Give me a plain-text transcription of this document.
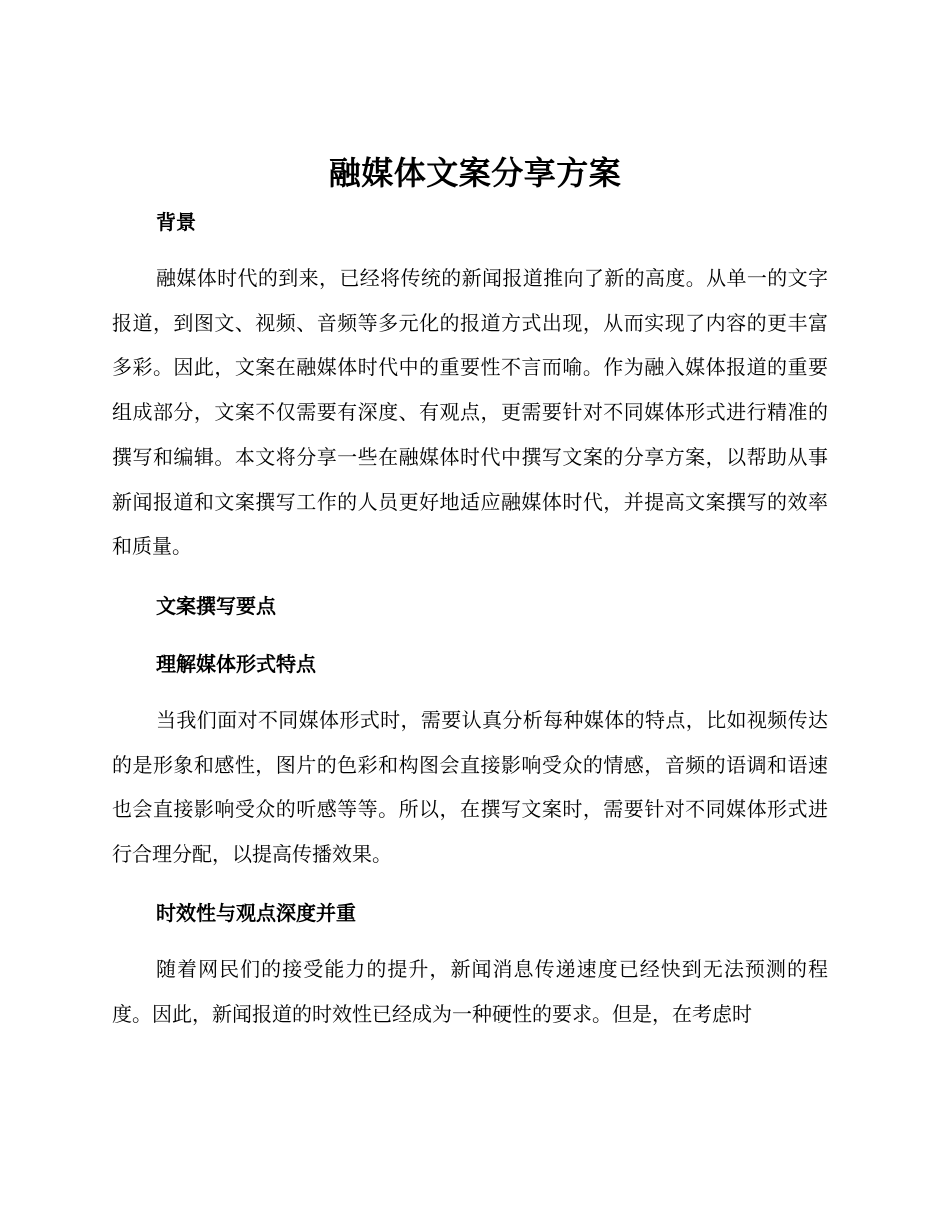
融媒体文案分享方案
背景

融媒体时代的到来，已经将传统的新闻报道推向了新的高度。从单一的文字报道，到图文、视频、音频等多元化的报道方式出现，从而实现了内容的更丰富多彩。因此，文案在融媒体时代中的重要性不言而喻。作为融入媒体报道的重要组成部分，文案不仅需要有深度、有观点，更需要针对不同媒体形式进行精准的撰写和编辑。本文将分享一些在融媒体时代中撰写文案的分享方案，以帮助从事新闻报道和文案撰写工作的人员更好地适应融媒体时代，并提高文案撰写的效率和质量。

文案撰写要点
理解媒体形式特点

当我们面对不同媒体形式时，需要认真分析每种媒体的特点，比如视频传达的是形象和感性，图片的色彩和构图会直接影响受众的情感，音频的语调和语速也会直接影响受众的听感等等。所以，在撰写文案时，需要针对不同媒体形式进行合理分配，以提高传播效果。

时效性与观点深度并重

随着网民们的接受能力的提升，新闻消息传递速度已经快到无法预测的程度。因此，新闻报道的时效性已经成为一种硬性的要求。但是，在考虑时
